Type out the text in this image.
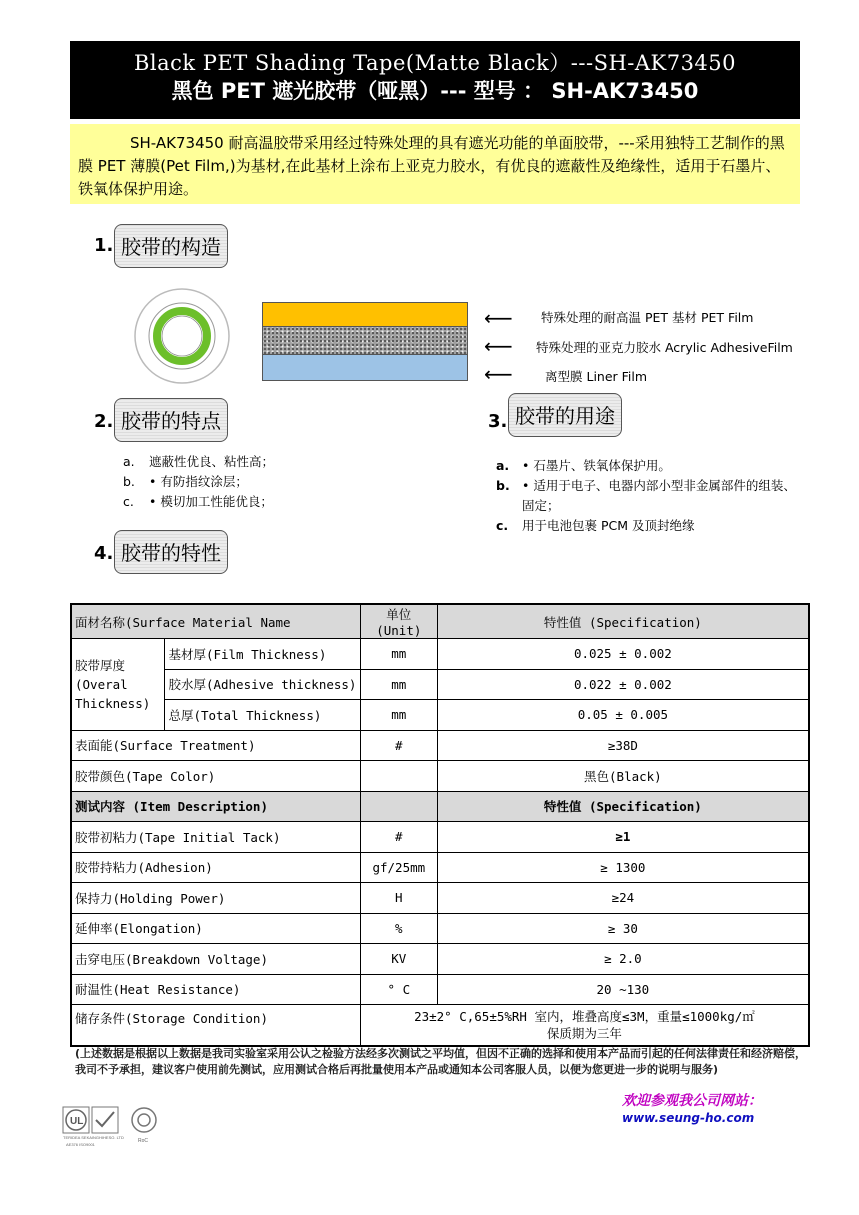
Black PET Shading Tape(Matte Black）---SH-AK73450
黑色 PET 遮光胶带（哑黑）--- 型号 ： SH-AK73450
SH-AK73450 耐高温胶带采用经过特殊处理的具有遮光功能的单面胶带，---采用独特工艺制作的黑膜 PET 薄膜(Pet Film,)为基材,在此基材上涂布上亚克力胶水，有优良的遮蔽性及绝缘性，适用于石墨片、铁氧体保护用途。
1. 胶带的构造
⟵ 特殊处理的耐高温 PET 基材 PET Film
⟵ 特殊处理的亚克力胶水 Acrylic AdhesiveFilm
⟵	离型膜 Liner Film
2. 胶带的特点
a. 遮蔽性优良、粘性高；
b. • 有防指纹涂层；
c. • 模切加工性能优良；
3. 胶带的用途
a. • 石墨片、铁氧体保护用。
b. • 适用于电子、电器内部小型非金属部件的组装、
固定；
c. 用于电池包裹 PCM 及顶封绝缘
4. 胶带的特性
面材名称(Surface Material Name		单位(Unit)	特性值 (Specification)
胶带厚度
(Overal
Thickness)	基材厚(Film Thickness)	mm	0.025 ± 0.002
	胶水厚(Adhesive thickness)	mm	0.022 ± 0.002
	总厚(Total Thickness)	mm	0.05 ± 0.005
表面能(Surface Treatment)		#	≥38D
胶带颜色(Tape Color)			黑色(Black)
测试内容 (Item Description)			特性值 (Specification)
胶带初粘力(Tape Initial Tack)		#	≥1
胶带持粘力(Adhesion)		gf/25mm	≥ 1300
保持力(Holding Power)		H	≥24
延伸率(Elongation)		%	≥ 30
击穿电压(Breakdown Voltage)		KV	≥ 2.0
耐温性(Heat Resistance)		° C	20 ~130
储存条件(Storage Condition)		23±2° C,65±5%RH 室内，堆叠高度≤3M，重量≤1000kg/㎡
保质期为三年	
(上述数据是根据以上数据是我司实验室采用公认之检验方法经多次测试之平均值，但因不正确的选择和使用本产品而引起的任何法律责任和经济赔偿，我司不予承担，建议客户使用前先测试，应用测试合格后再批量使用本产品或通知本公司客服人员，以便为您更进一步的说明与服务)
欢迎参观我公司网站：
www.seung-ho.com
UL
TERIDEA SEKAINGHIHESO. LTD
AE376 ISO9001
RoC
